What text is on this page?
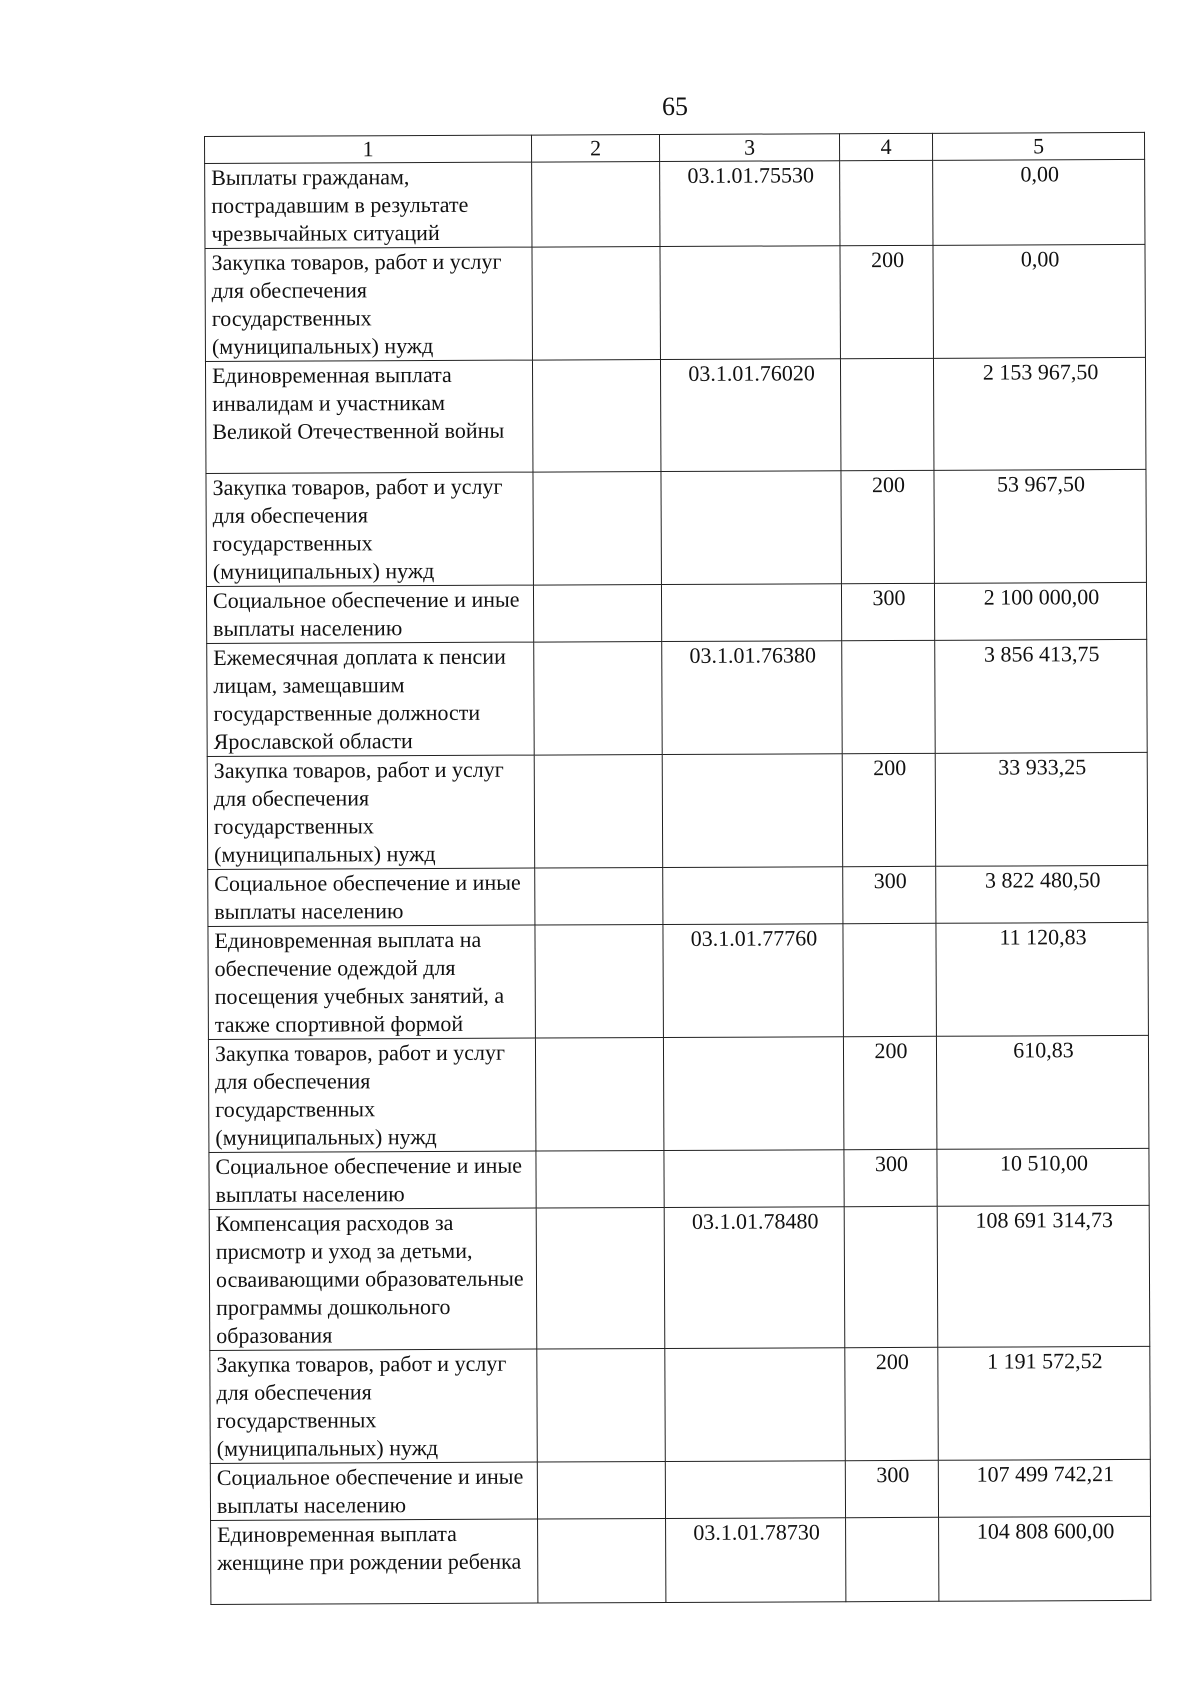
65
1	2	3	4	5
Выплаты гражданам, пострадавшим в результате чрезвычайных ситуаций		03.1.01.75530		0,00
Закупка товаров, работ и услуг для обеспечения государственных (муниципальных) нужд			200	0,00
Единовременная выплата инвалидам и участникам Великой Отечественной войны		03.1.01.76020		2 153 967,50
Закупка товаров, работ и услуг для обеспечения государственных (муниципальных) нужд			200	53 967,50
Социальное обеспечение и иные выплаты населению			300	2 100 000,00
Ежемесячная доплата к пенсии лицам, замещавшим государственные должности Ярославской области		03.1.01.76380		3 856 413,75
Закупка товаров, работ и услуг для обеспечения государственных (муниципальных) нужд			200	33 933,25
Социальное обеспечение и иные выплаты населению			300	3 822 480,50
Единовременная выплата на обеспечение одеждой для посещения учебных занятий, а также спортивной формой		03.1.01.77760		11 120,83
Закупка товаров, работ и услуг для обеспечения государственных (муниципальных) нужд			200	610,83
Социальное обеспечение и иные выплаты населению			300	10 510,00
Компенсация расходов за присмотр и уход за детьми, осваивающими образовательные программы дошкольного образования		03.1.01.78480		108 691 314,73
Закупка товаров, работ и услуг для обеспечения государственных (муниципальных) нужд			200	1 191 572,52
Социальное обеспечение и иные выплаты населению			300	107 499 742,21
Единовременная выплата женщине при рождении ребенка		03.1.01.78730		104 808 600,00
